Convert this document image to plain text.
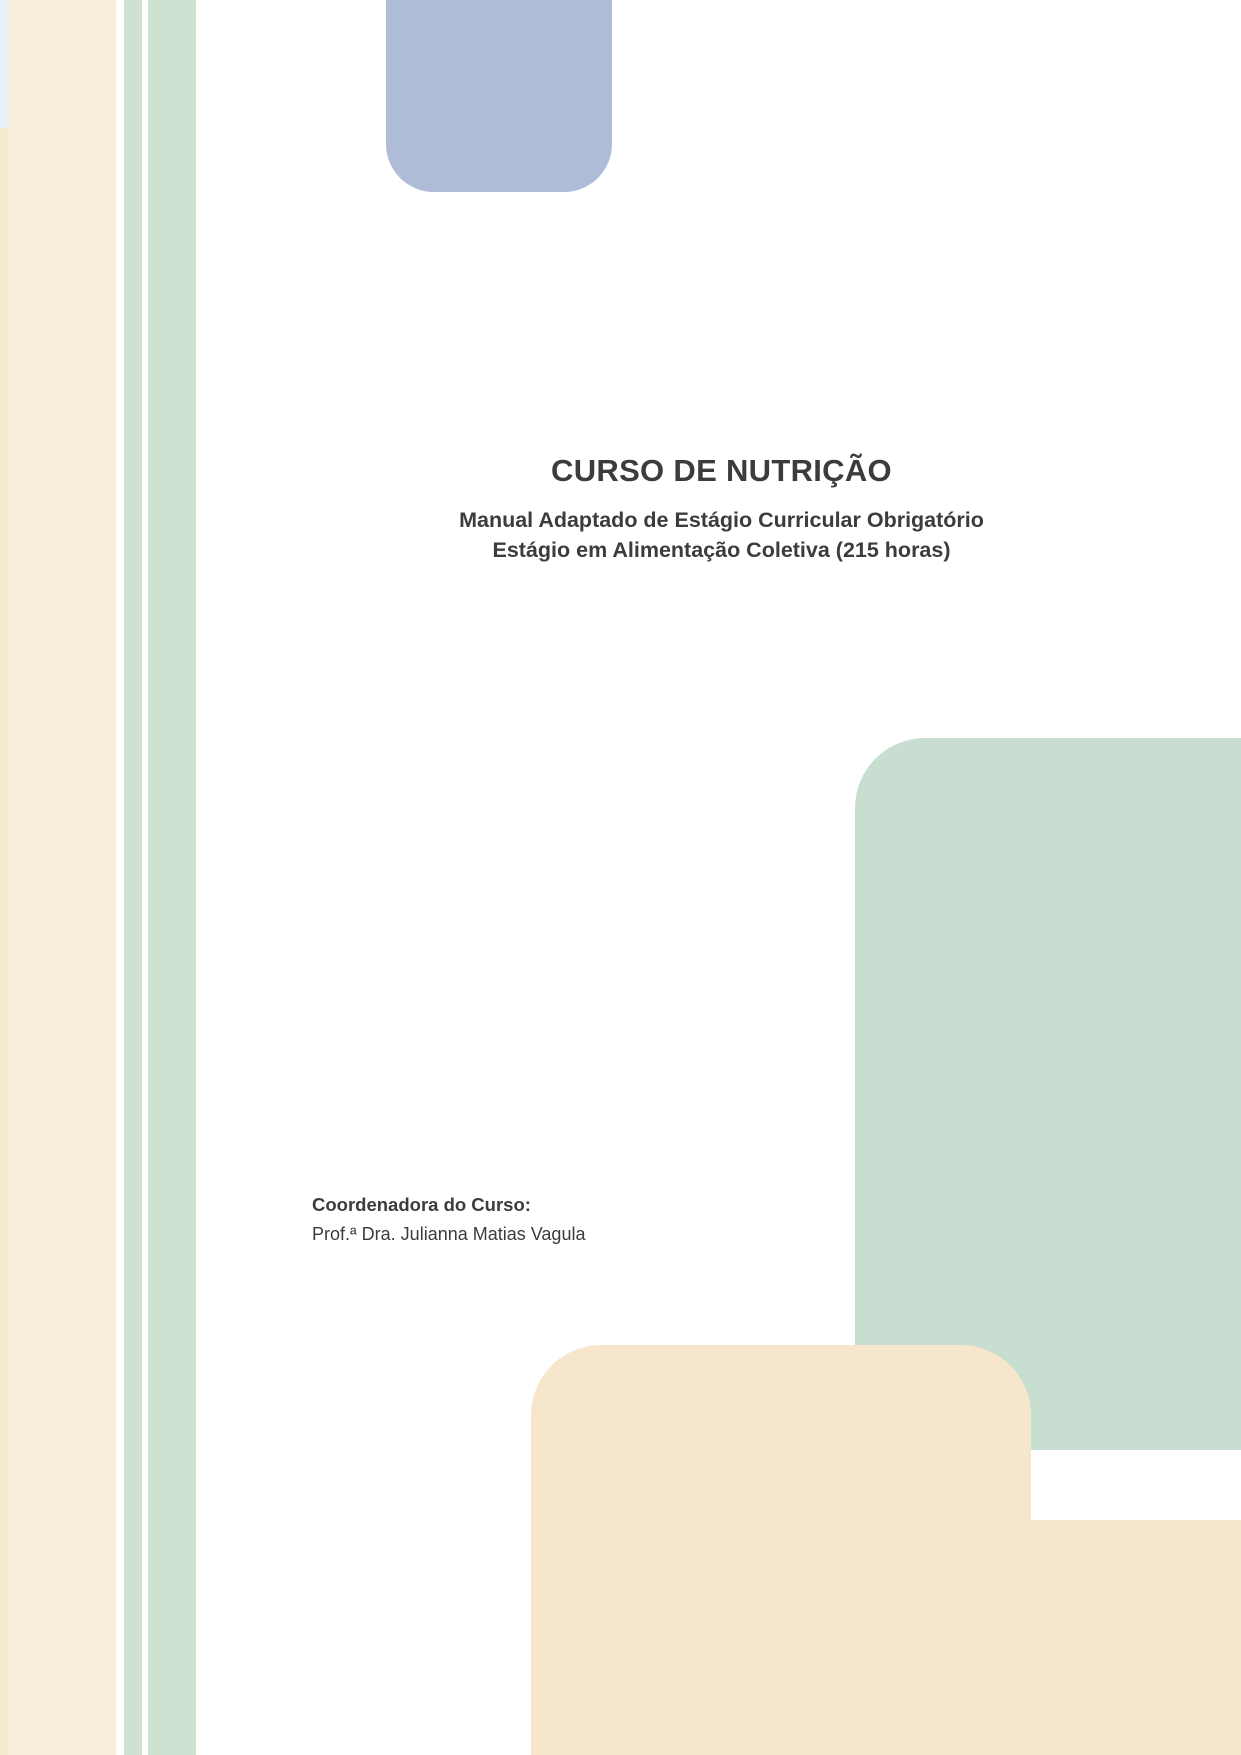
CURSO DE NUTRIÇÃO
Manual Adaptado de Estágio Curricular Obrigatório
Estágio em Alimentação Coletiva (215 horas)
Coordenadora do Curso:
Prof.ª Dra. Julianna Matias Vagula
